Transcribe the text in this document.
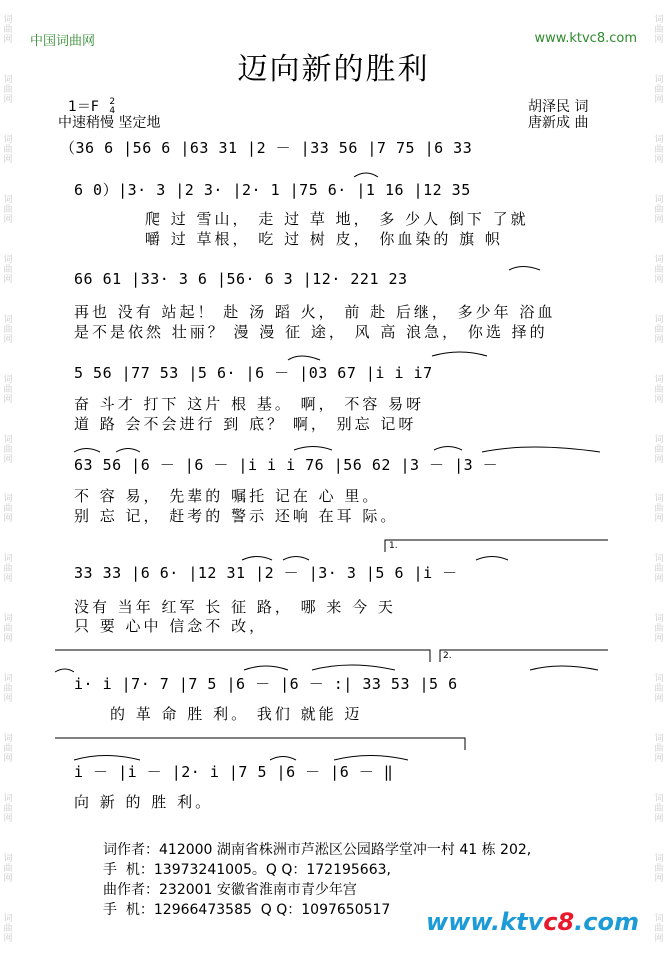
词
曲
网
词
曲
网
词
曲
网
词
曲
网
词
曲
网
词
曲
网
词
曲
网
词
曲
网
词
曲
网
词
曲
网
词
曲
网
词
曲
网
词
曲
网
词
曲
网
词
曲
网
词
曲
网
词
曲
网
词
曲
网
词
曲
网
词
曲
网
词
曲
网
词
曲
网
词
曲
网
词
曲
网
词
曲
网
词
曲
网
词
曲
网
词
曲
网
词
曲
网
词
曲
网
词
曲
网
词
曲
网
中国词曲网	www.ktvc8.com
迈向新的胜利
1＝F 2
4
中速稍慢 坚定地
胡泽民 词
唐新成 曲
（36 6 |56 6 |63 31 |2 － |33 56 |7 75 |6 33
6 0）|3· 3 |2 3· |2· 1 |75 6· |1 16 |12 35
爬 过 雪山， 走 过 草 地， 多 少人 倒下 了就
嚼 过 草根， 吃 过 树 皮， 你血染的 旗 帜
66 61 |33· 3 6 |56· 6 3 |12· 221 23
再也 没有 站起！ 赴 汤 蹈 火， 前 赴 后继， 多少年 浴血
是不是依然 壮丽？ 漫 漫 征 途， 风 高 浪急， 你选 择的
5 56 |77 53 |5 6· |6 － |03 67 |i i i7
奋 斗才 打下 这片 根 基。 啊， 不容 易呀
道 路 会不会进行 到 底？ 啊， 别忘 记呀
63 56 |6 － |6 － |i i i 76 |56 62 |3 － |3 －
不 容 易， 先辈的 嘱托 记在 心 里。
别 忘 记， 赶考的 警示 还响 在耳 际。
1.
33 33 |6 6· |12 31 |2 － |3· 3 |5 6 |i －
没有 当年 红军 长 征 路， 哪 来 今 天
只 要 心中 信念不 改，
2.
i· i |7· 7 |7 5 |6 － |6 － :| 33 53 |5 6
的 革 命 胜 利。 我们 就能 迈
i － |i － |2· i |7 5 |6 － |6 － ‖
向 新 的 胜 利。
词作者：412000 湖南省株洲市芦淞区公园路学堂冲一村 41 栋 202,
手  机：13973241005。Q Q：172195663,
曲作者：232001 安徽省淮南市青少年宫
手  机：12966473585  Q Q：1097650517	www.ktvc8.com
